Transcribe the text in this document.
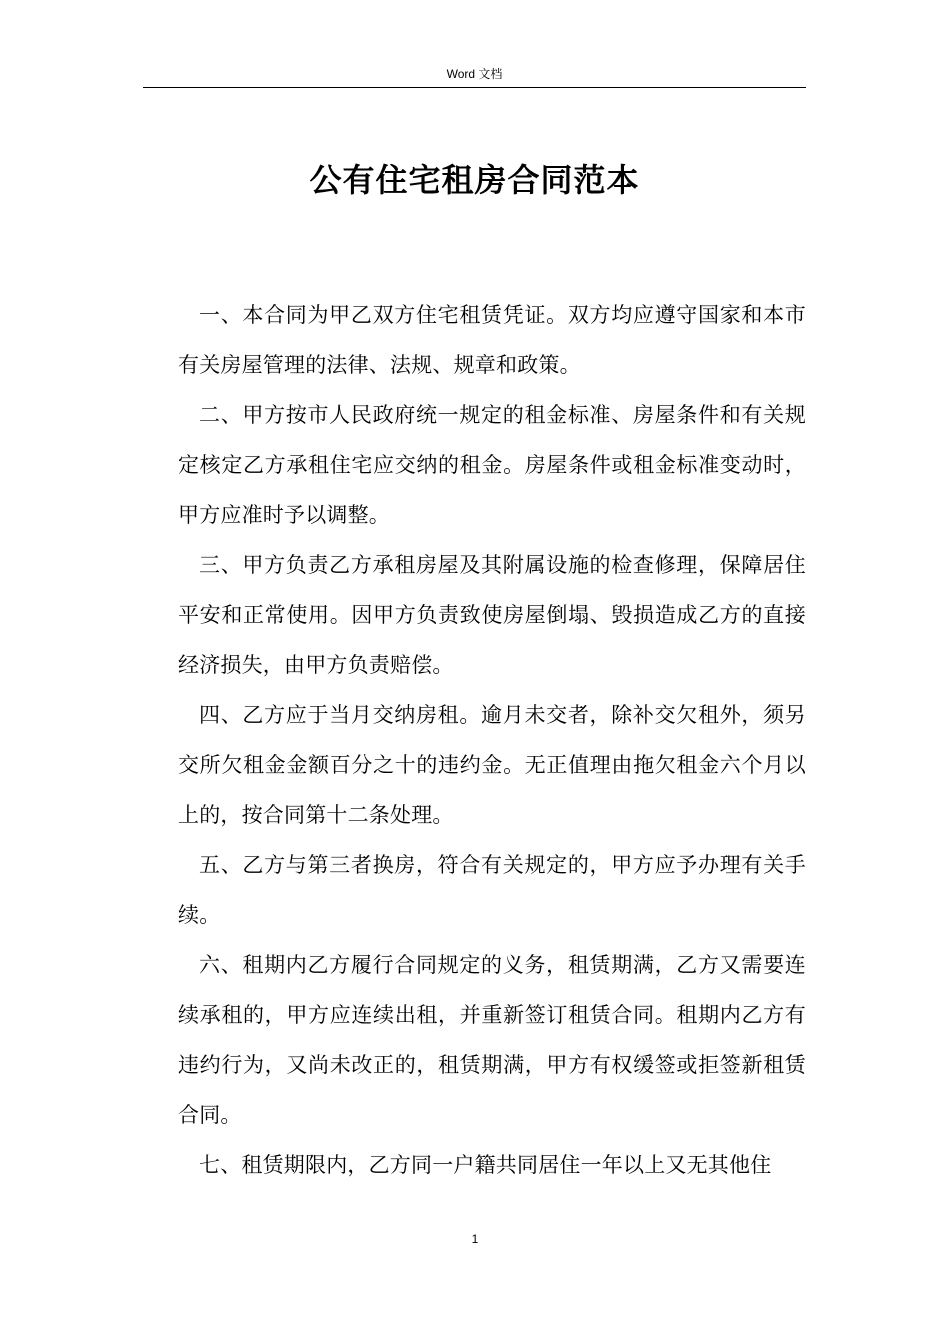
Word 文档
公有住宅租房合同范本

一、本合同为甲乙双方住宅租赁凭证。双方均应遵守国家和本市有关房屋管理的法律、法规、规章和政策。

二、甲方按市人民政府统一规定的租金标准、房屋条件和有关规定核定乙方承租住宅应交纳的租金。房屋条件或租金标准变动时，甲方应准时予以调整。

三、甲方负责乙方承租房屋及其附属设施的检查修理，保障居住平安和正常使用。因甲方负责致使房屋倒塌、毁损造成乙方的直接经济损失，由甲方负责赔偿。

四、乙方应于当月交纳房租。逾月未交者，除补交欠租外，须另交所欠租金金额百分之十的违约金。无正值理由拖欠租金六个月以上的，按合同第十二条处理。

五、乙方与第三者换房，符合有关规定的，甲方应予办理有关手续。

六、租期内乙方履行合同规定的义务，租赁期满，乙方又需要连续承租的，甲方应连续出租，并重新签订租赁合同。租期内乙方有违约行为，又尚未改正的，租赁期满，甲方有权缓签或拒签新租赁合同。

七、租赁期限内，乙方同一户籍共同居住一年以上又无其他住

1
